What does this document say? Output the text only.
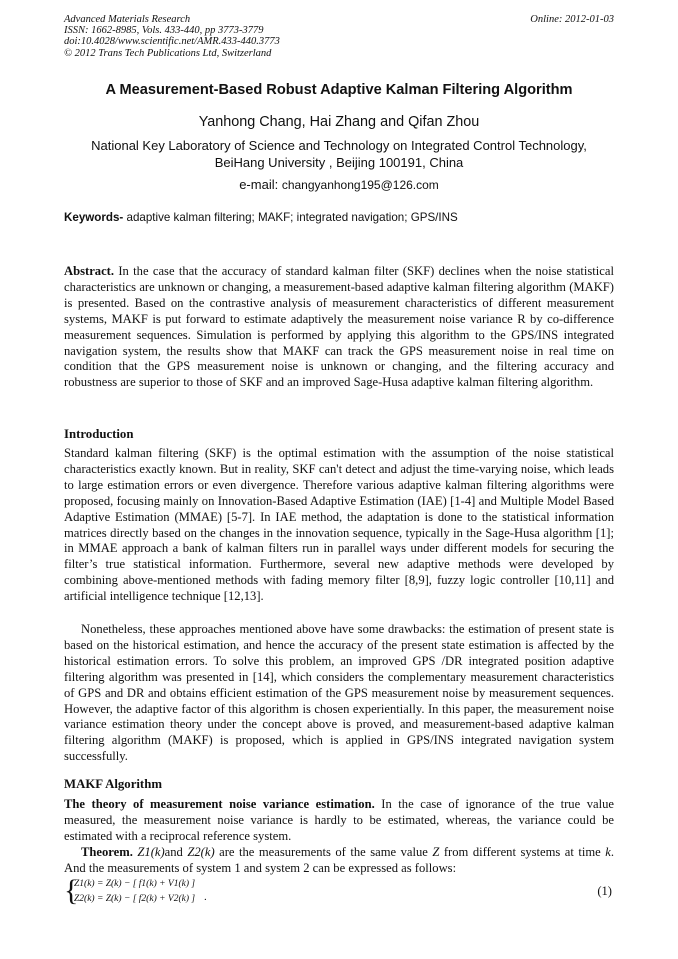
Advanced Materials Research
ISSN: 1662-8985, Vols. 433-440, pp 3773-3779
doi:10.4028/www.scientific.net/AMR.433-440.3773
© 2012 Trans Tech Publications Ltd, Switzerland
Online: 2012-01-03
A Measurement-Based Robust Adaptive Kalman Filtering Algorithm
Yanhong Chang, Hai Zhang and Qifan Zhou
National Key Laboratory of Science and Technology on Integrated Control Technology,
BeiHang University , Beijing 100191, China
e-mail: changyanhong195@126.com
Keywords- adaptive kalman filtering; MAKF; integrated navigation; GPS/INS
Abstract. In the case that the accuracy of standard kalman filter (SKF) declines when the noise statistical characteristics are unknown or changing, a measurement-based adaptive kalman filtering algorithm (MAKF) is presented. Based on the contrastive analysis of measurement characteristics of different measurement systems, MAKF is put forward to estimate adaptively the measurement noise variance R by co-difference measurement sequences. Simulation is performed by applying this algorithm to the GPS/INS integrated navigation system, the results show that MAKF can track the GPS measurement noise in real time on condition that the GPS measurement noise is unknown or changing, and the filtering accuracy and robustness are superior to those of SKF and an improved Sage-Husa adaptive kalman filtering algorithm.
Introduction
Standard kalman filtering (SKF) is the optimal estimation with the assumption of the noise statistical characteristics exactly known. But in reality, SKF can't detect and adjust the time-varying noise, which leads to large estimation errors or even divergence. Therefore various adaptive kalman filtering algorithms were proposed, focusing mainly on Innovation-Based Adaptive Estimation (IAE) [1-4] and Multiple Model Based Adaptive Estimation (MMAE) [5-7]. In IAE method, the adaptation is done to the statistical information matrices directly based on the changes in the innovation sequence, typically in the Sage-Husa algorithm [1]; in MMAE approach a bank of kalman filters run in parallel ways under different models for securing the filter’s true statistical information. Furthermore, several new adaptive methods were developed by combining above-mentioned methods with fading memory filter [8,9], fuzzy logic controller [10,11] and artificial intelligence technique [12,13].
Nonetheless, these approaches mentioned above have some drawbacks: the estimation of present state is based on the historical estimation, and hence the accuracy of the present state estimation is affected by the historical estimation errors. To solve this problem, an improved GPS /DR integrated position adaptive filtering algorithm was presented in [14], which considers the complementary measurement characteristics of GPS and DR and obtains efficient estimation of the GPS measurement noise by measurement sequences. However, the adaptive factor of this algorithm is chosen experientially. In this paper, the measurement noise variance estimation theory under the concept above is proved, and measurement-based adaptive kalman filtering algorithm (MAKF) is proposed, which is applied in GPS/INS integrated navigation system successfully.
MAKF Algorithm
The theory of measurement noise variance estimation. In the case of ignorance of the true value measured, the measurement noise variance is hardly to be estimated, whereas, the variance could be estimated with a reciprocal reference system.
Theorem. Z1(k)and Z2(k) are the measurements of the same value Z from different systems at time k. And the measurements of system 1 and system 2 can be expressed as follows:
{
Z1(k) = Z(k) − [ f1(k) + V1(k) ]
Z2(k) = Z(k) − [ f2(k) + V2(k) ] .	(1)
